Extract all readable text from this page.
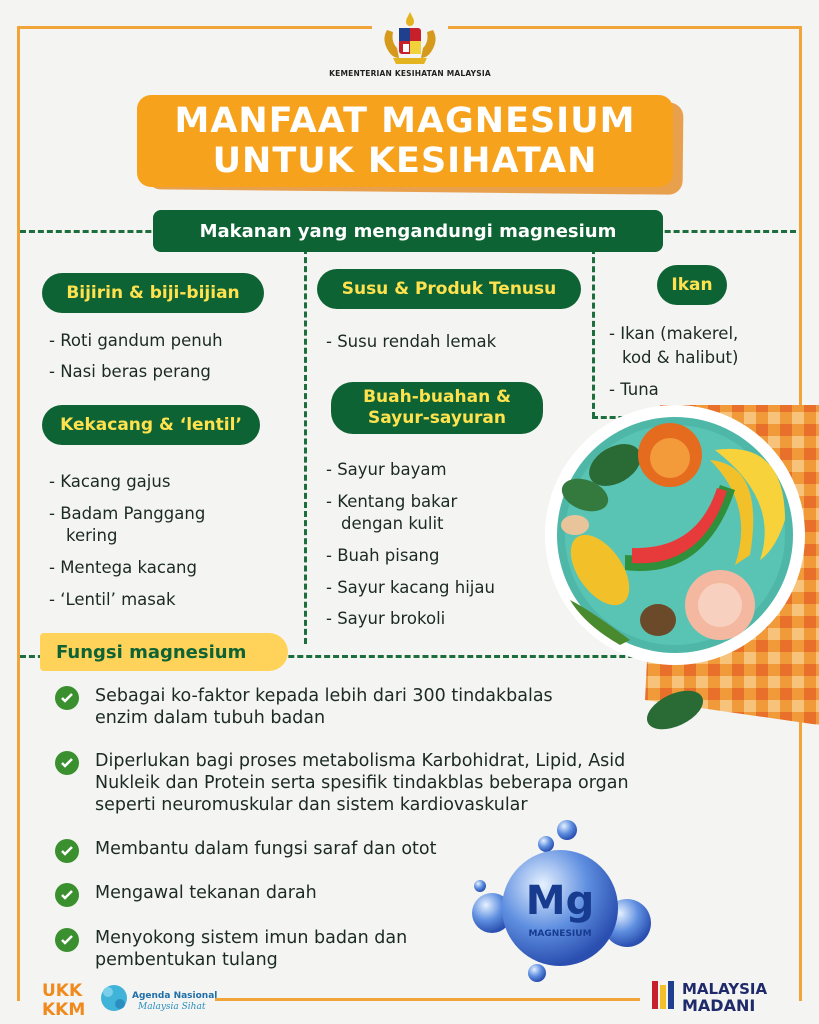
KEMENTERIAN KESIHATAN MALAYSIA
MANFAAT MAGNESIUM
UNTUK KESIHATAN
Makanan yang mengandungi magnesium
Bijirin & biji-bijian
- Roti gandum penuh
- Nasi beras perang
Kekacang & ‘lentil’
- Kacang gajus
- Badam Panggang
kering
- Mentega kacang
- ‘Lentil’ masak
Susu & Produk Tenusu
- Susu rendah lemak
Buah-buahan &
Sayur-sayuran
- Sayur bayam
- Kentang bakar
dengan kulit
- Buah pisang
- Sayur kacang hijau
- Sayur brokoli
Ikan
- Ikan (makerel,
kod & halibut)
- Tuna
Fungsi magnesium
Sebagai ko-faktor kepada lebih dari 300 tindakbalas
enzim dalam tubuh badan
Diperlukan bagi proses metabolisma Karbohidrat, Lipid, Asid
Nukleik dan Protein serta spesifik tindakblas beberapa organ
seperti neuromuskular dan sistem kardiovaskular
Membantu dalam fungsi saraf dan otot
Mengawal tekanan darah
Menyokong sistem imun badan dan
pembentukan tulang
Mg
MAGNESIUM
UKK
KKM
Agenda Nasional
Malaysia Sihat
MALAYSIA
MADANI
